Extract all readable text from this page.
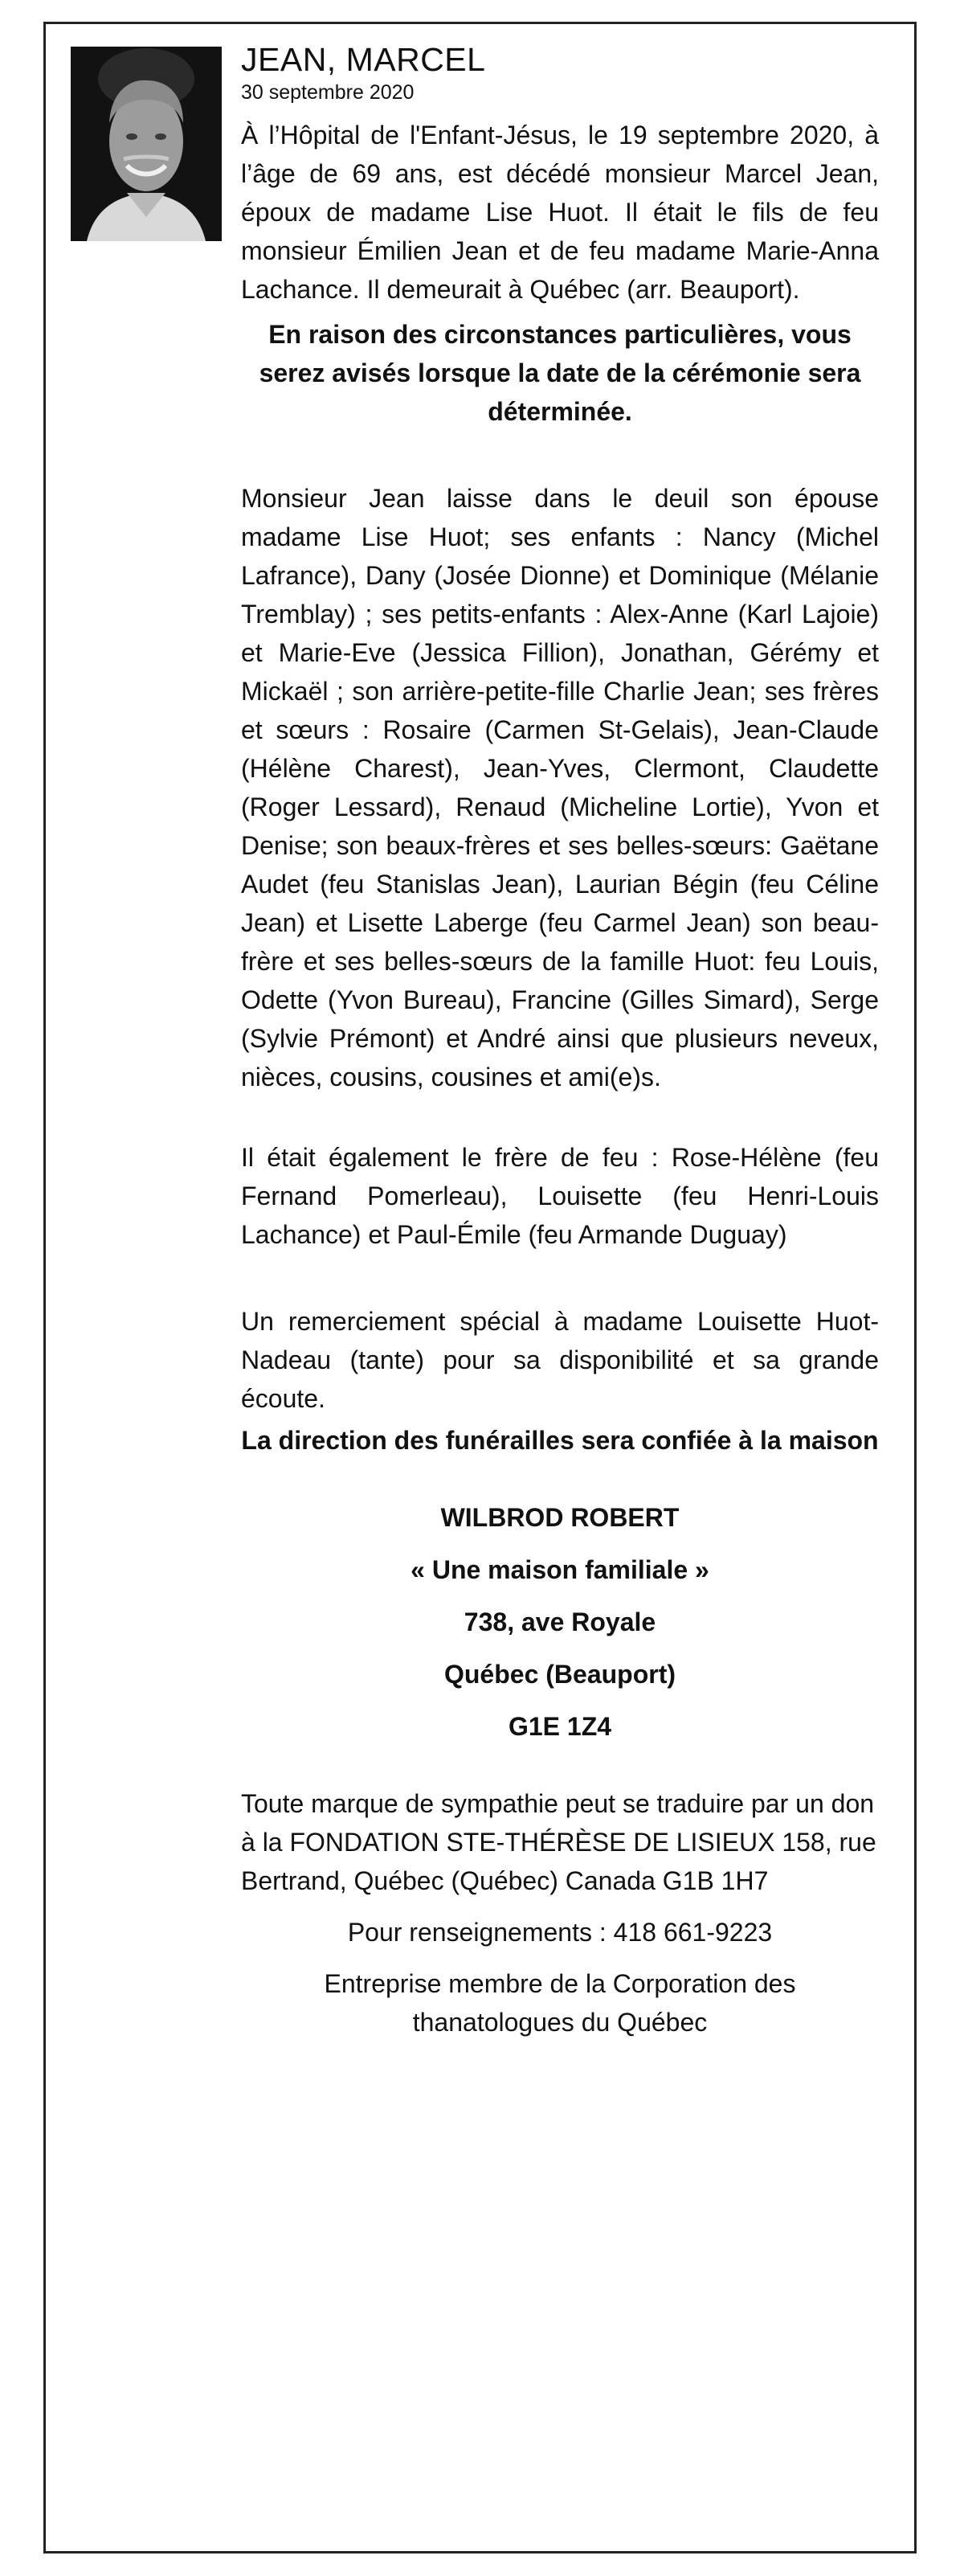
JEAN, MARCEL

30 septembre 2020

À l’Hôpital de l'Enfant-Jésus, le 19 septembre 2020, à l’âge de 69 ans, est décédé monsieur Marcel Jean, époux de madame Lise Huot. Il était le fils de feu monsieur Émilien Jean et de feu madame Marie-Anna Lachance. Il demeurait à Québec (arr. Beauport).

En raison des circonstances particulières, vous serez avisés lorsque la date de la cérémonie sera déterminée.

Monsieur Jean laisse dans le deuil son épouse madame Lise Huot; ses enfants : Nancy (Michel Lafrance), Dany (Josée Dionne) et Dominique (Mélanie Tremblay) ; ses petits-enfants : Alex-Anne (Karl Lajoie) et Marie-Eve (Jessica Fillion), Jonathan, Gérémy et Mickaël ; son arrière-petite-fille Charlie Jean; ses frères et sœurs : Rosaire (Carmen St-Gelais), Jean-Claude (Hélène Charest), Jean-Yves, Clermont, Claudette (Roger Lessard), Renaud (Micheline Lortie), Yvon et Denise; son beaux-frères et ses belles-sœurs: Gaëtane Audet (feu Stanislas Jean), Laurian Bégin (feu Céline Jean) et Lisette Laberge (feu Carmel Jean) son beau-frère et ses belles-sœurs de la famille Huot: feu Louis, Odette (Yvon Bureau), Francine (Gilles Simard), Serge (Sylvie Prémont) et André ainsi que plusieurs neveux, nièces, cousins, cousines et ami(e)s.

Il était également le frère de feu : Rose-Hélène (feu Fernand Pomerleau), Louisette (feu Henri-Louis Lachance) et Paul-Émile (feu Armande Duguay)

Un remerciement spécial à madame Louisette Huot-Nadeau (tante) pour sa disponibilité et sa grande écoute.

La direction des funérailles sera confiée à la maison

WILBROD ROBERT

« Une maison familiale »

738, ave Royale

Québec (Beauport)

G1E 1Z4

Toute marque de sympathie peut se traduire par un don à la FONDATION STE-THÉRÈSE DE LISIEUX 158, rue Bertrand, Québec (Québec) Canada G1B 1H7

Pour renseignements : 418 661-9223

Entreprise membre de la Corporation des thanatologues du Québec
